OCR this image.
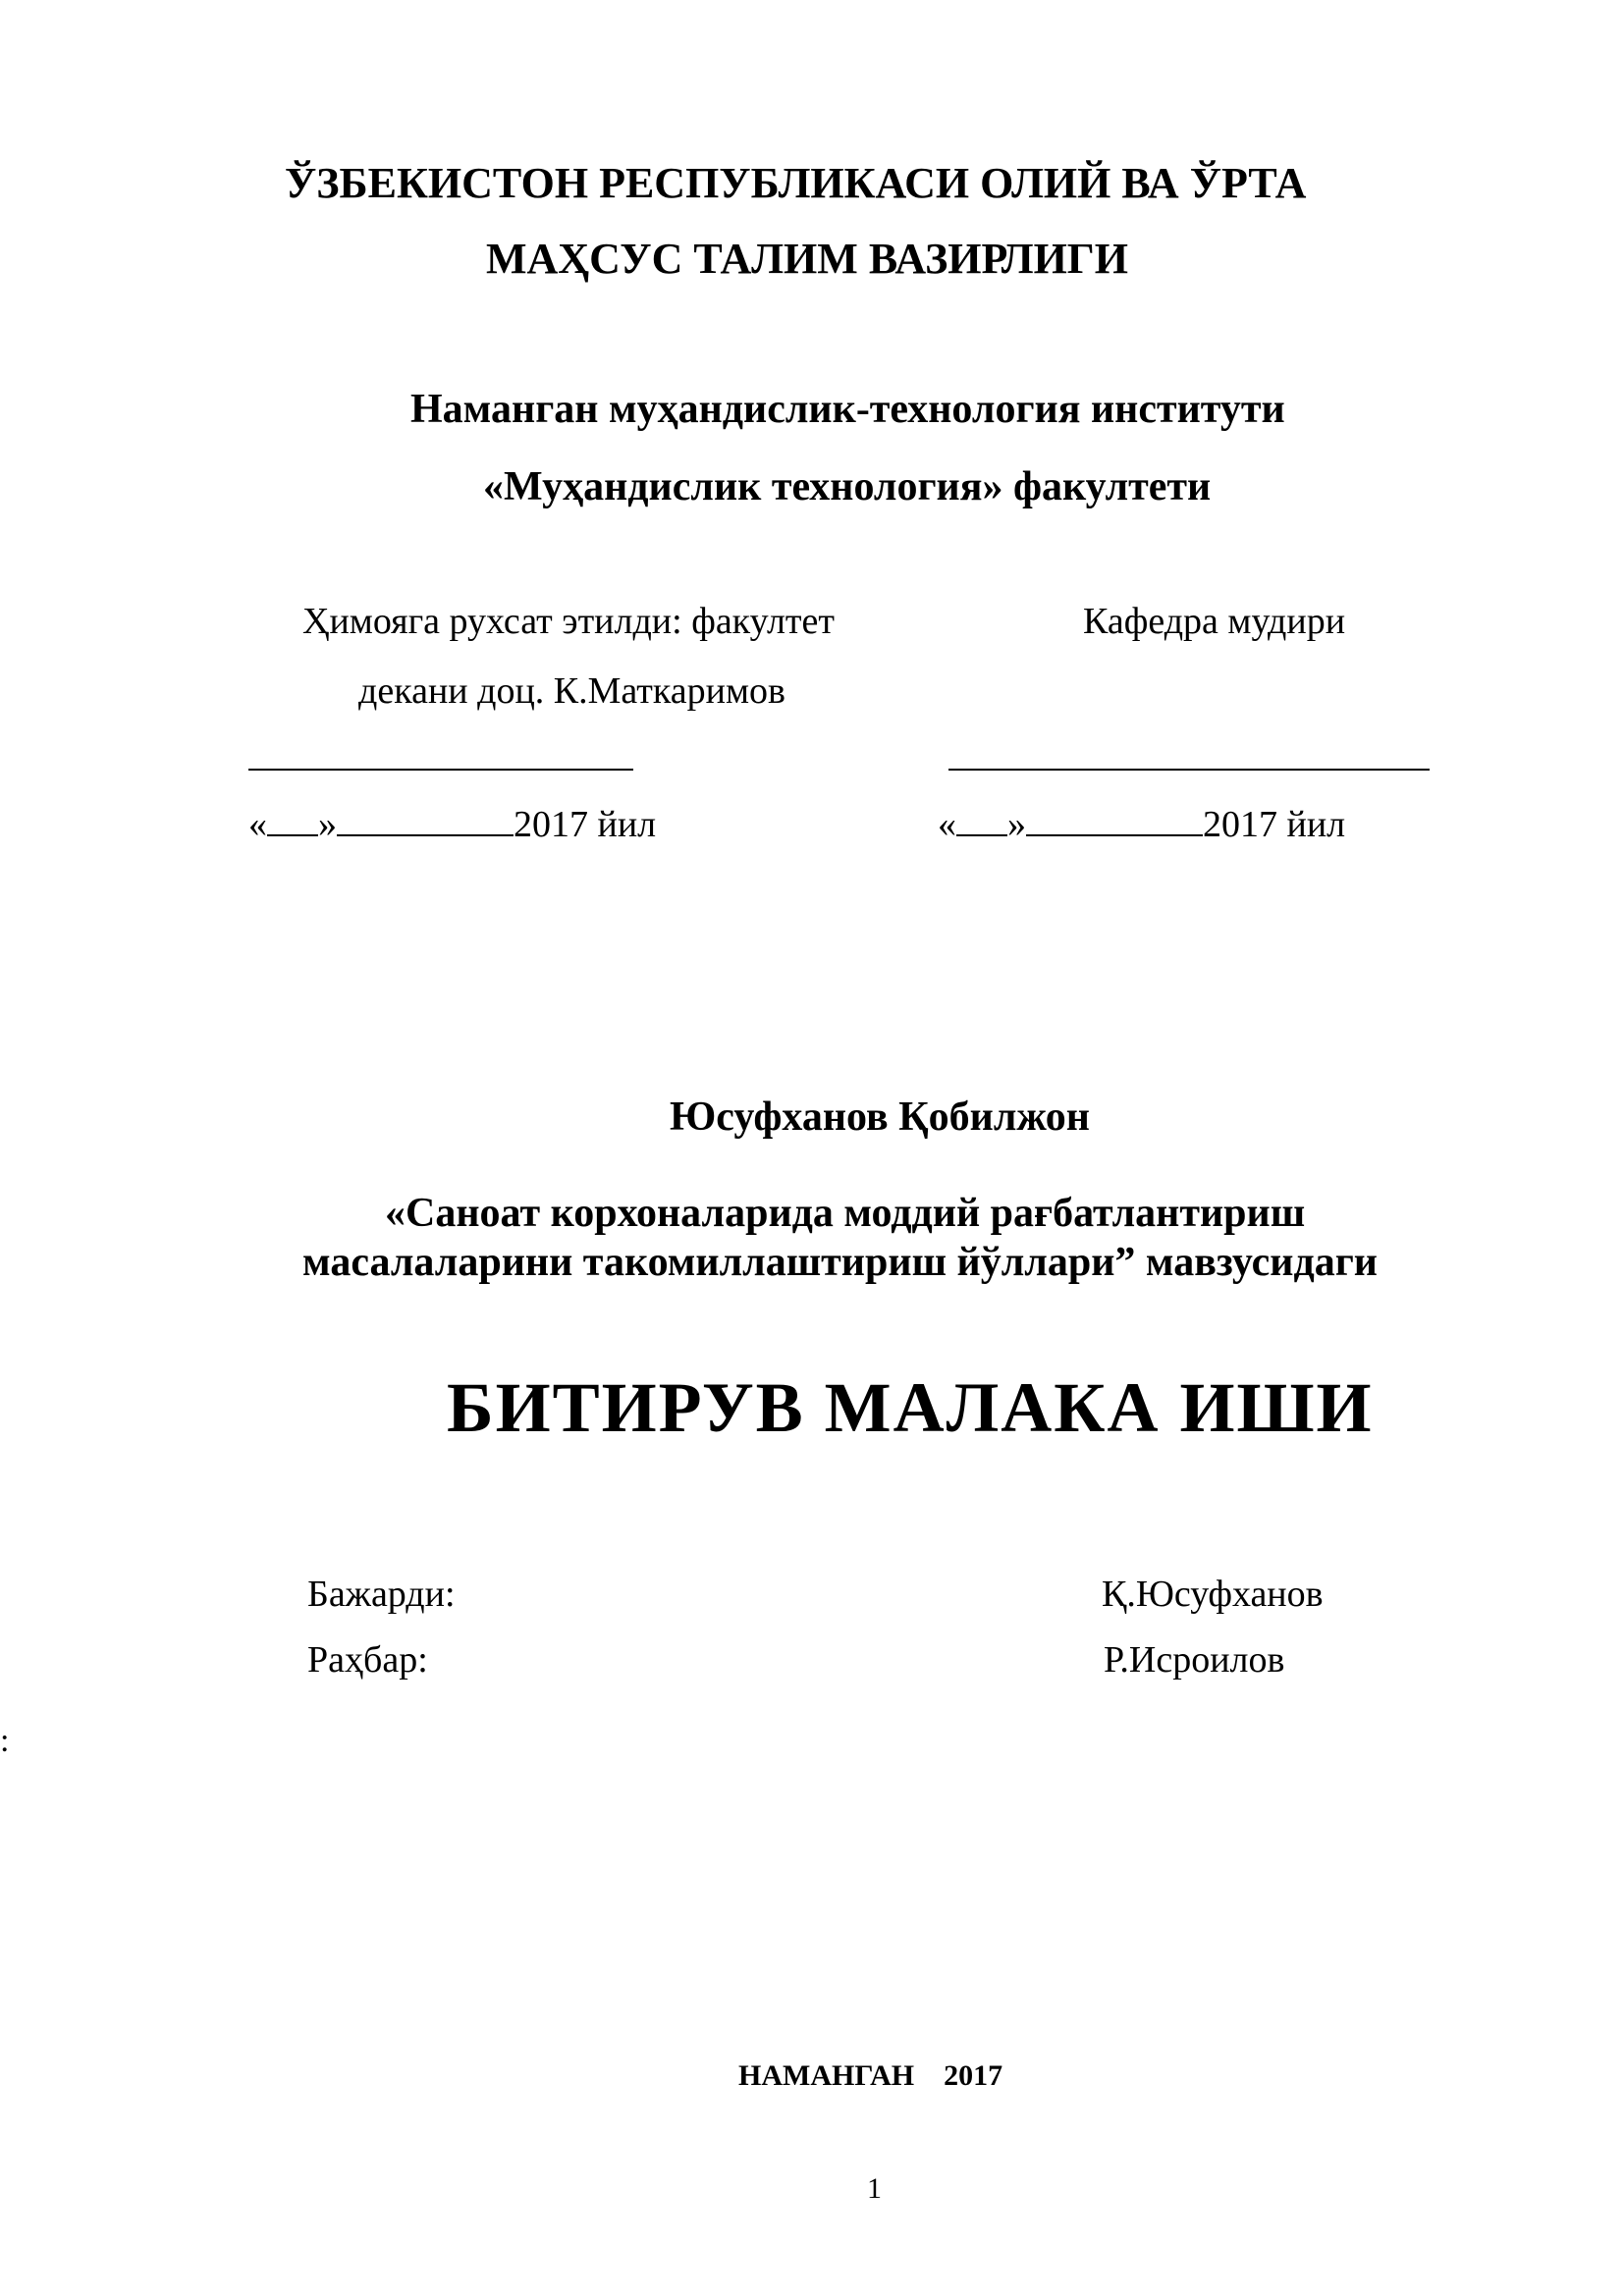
ЎЗБЕКИСТОН РЕСПУБЛИКАСИ ОЛИЙ ВА ЎРТА
МАҲСУС ТАЛИМ ВАЗИРЛИГИ
Наманган муҳандислик-технология институти
«Муҳандислик технология» факултети
Ҳимояга рухсат этилди: факултет
декани доц. К.Маткаримов
Кафедра мудири
« »	2017 йил	« »	2017 йил
Юсуфханов Қобилжон
«Саноат корхоналарида моддий рағбатлантириш
масалаларини такомиллаштириш йўллари” мавзусидаги
БИТИРУВ МАЛАКА ИШИ
Бажарди:	Қ.Юсуфханов
Раҳбар:	Р.Исроилов
:
НАМАНГАН    2017
1
